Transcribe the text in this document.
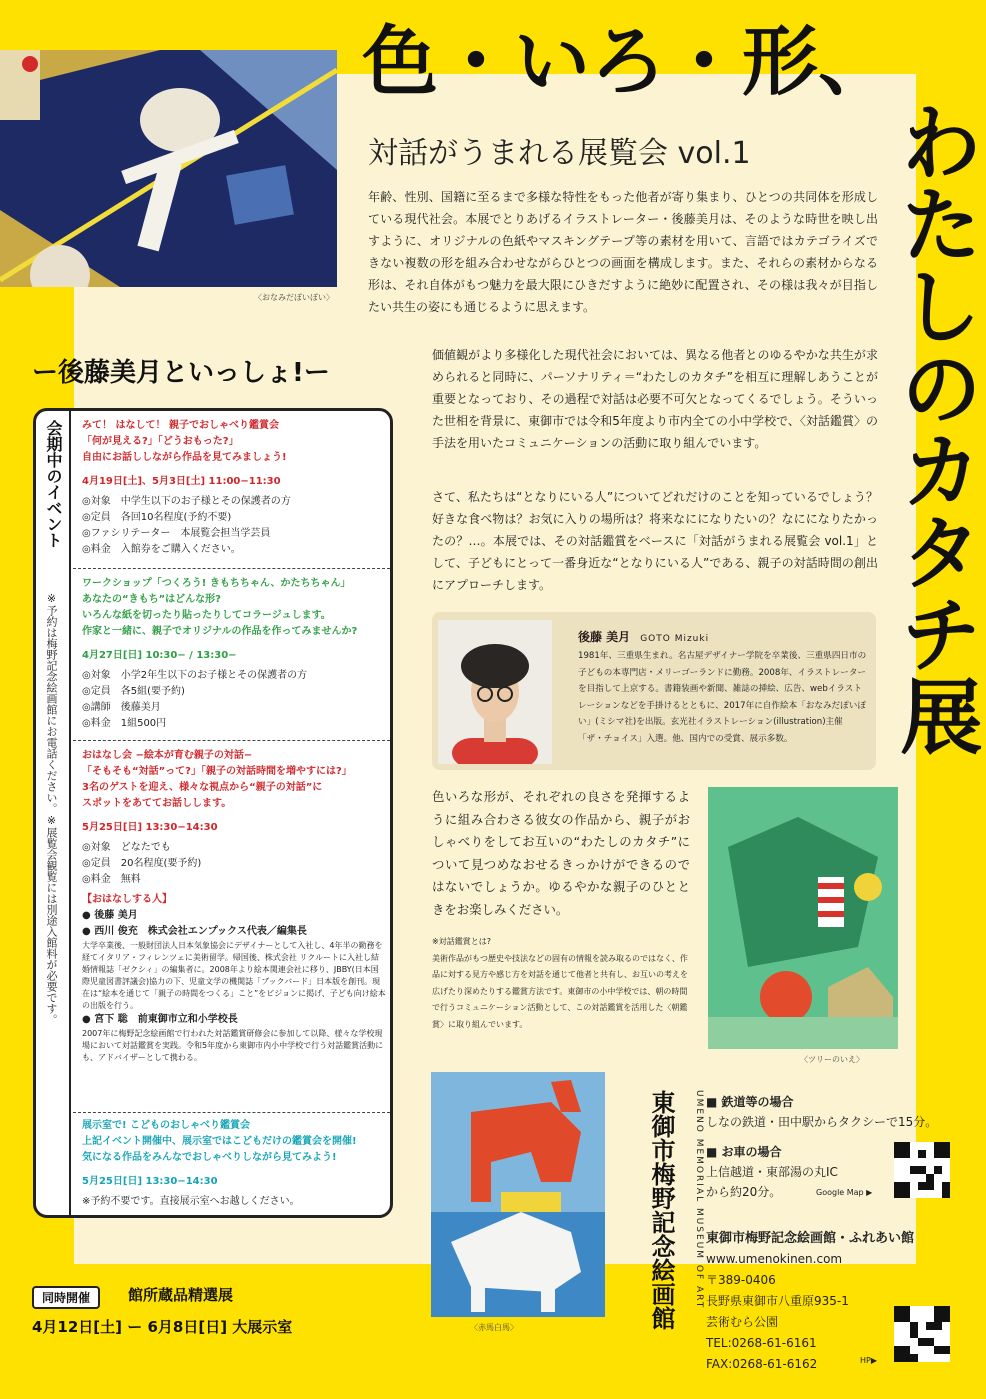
〈おなみだぽいぽい〉
色・いろ・形、
わたしのカタチ展
対話がうまれる展覧会 vol.1
年齢、性別、国籍に至るまで多様な特性をもった他者が寄り集まり、ひとつの共同体を形成している現代社会。本展でとりあげるイラストレーター・後藤美月は、そのような時世を映し出すように、オリジナルの色紙やマスキングテープ等の素材を用いて、言語ではカテゴライズできない複数の形を組み合わせながらひとつの画面を構成します。また、それらの素材からなる形は、それ自体がもつ魅力を最大限にひきだすように絶妙に配置され、その様は我々が目指したい共生の姿にも通じるように思えます。
価値観がより多様化した現代社会においては、異なる他者とのゆるやかな共生が求められると同時に、パーソナリティ＝“わたしのカタチ”を相互に理解しあうことが重要となっており、その過程で対話は必要不可欠となってくるでしょう。そういった世相を背景に、東御市では令和5年度より市内全ての小中学校で、〈対話鑑賞〉の手法を用いたコミュニケーションの活動に取り組んでいます。
さて、私たちは“となりにいる人”についてどれだけのことを知っているでしょう？好きな食べ物は？お気に入りの場所は？将来なにになりたいの？なにになりたかったの？…。本展では、その対話鑑賞をベースに「対話がうまれる展覧会 vol.1」として、子どもにとって一番身近な“となりにいる人”である、親子の対話時間の創出にアプローチします。
ー後藤美月といっしょ!ー
会期中のイベント
※予約は梅野記念絵画館にお電話ください。※展覧会観覧には別途入館料が必要です。
みて！ はなして！ 親子でおしゃべり鑑賞会
「何が見える?」「どうおもった?」
自由にお話ししながら作品を見てみましょう!
4月19日[土]、5月3日[土] 11:00−11:30
◎対象　中学生以下のお子様とその保護者の方
◎定員　各回10名程度(予約不要)
◎ファシリテーター　本展覧会担当学芸員
◎料金　入館券をご購入ください。
ワークショップ「つくろう! きもちちゃん、かたちちゃん」
あなたの“きもち”はどんな形?
いろんな紙を切ったり貼ったりしてコラージュします。
作家と一緒に、親子でオリジナルの作品を作ってみませんか?
4月27日[日] 10:30− / 13:30−
◎対象　小学2年生以下のお子様とその保護者の方
◎定員　各5組(要予約)
◎講師　後藤美月
◎料金　1組500円
おはなし会 −絵本が育む親子の対話−
「そもそも“対話”って?」「親子の対話時間を増やすには?」
3名のゲストを迎え、様々な視点から“親子の対話”に
スポットをあててお話しします。
5月25日[日] 13:30−14:30
◎対象　どなたでも
◎定員　20名程度(要予約)
◎料金　無料
【おはなしする人】
● 後藤 美月
● 西川 俊充　株式会社エンプックス代表／編集長
大学卒業後、一般財団法人日本気象協会にデザイナーとして入社し、4年半の勤務を経てイタリア・フィレンツェに美術留学。帰国後、株式会社 リクルートに入社し結婚情報誌「ゼクシィ」の編集者に。2008年より絵本関連会社に移り、JBBY(日本国際児童図書評議会)協力の下、児童文学の機関誌「ブックバード」日本版を創刊。現在は“絵本を通じて「親子の時間をつくる」こと”をビジョンに掲げ、子ども向け絵本の出版を行う。
● 宮下 聡　前東御市立和小学校長
2007年に梅野記念絵画館で行われた対話鑑賞研修会に参加して以降、様々な学校現場において対話鑑賞を実践。令和5年度から東御市内小中学校で行う対話鑑賞活動にも、アドバイザーとして携わる。
展示室で! こどものおしゃべり鑑賞会
上記イベント開催中、展示室ではこどもだけの鑑賞会を開催!
気になる作品をみんなでおしゃべりしながら見てみよう!
5月25日[日] 13:30−14:30
※予約不要です。直接展示室へお越しください。
後藤 美月 GOTO Mizuki
1981年、三重県生まれ。名古屋デザイナー学院を卒業後、三重県四日市の子どもの本専門店・メリーゴーランドに勤務。2008年、イラストレーターを目指して上京する。書籍装画や新聞、雑誌の挿絵、広告、webイラストレーションなどを手掛けるとともに、2017年に自作絵本「おなみだぽいぽい」(ミシマ社)を出版。玄光社イラストレーション(illustration)主催「ザ・チョイス」入選。他、国内での受賞、展示多数。
色いろな形が、それぞれの良さを発揮するように組み合わさる彼女の作品から、親子がおしゃべりをしてお互いの“わたしのカタチ”について見つめなおせるきっかけができるのではないでしょうか。ゆるやかな親子のひとときをお楽しみください。
※対話鑑賞とは?
美術作品がもつ歴史や技法などの固有の情報を読み取るのではなく、作品に対する見方や感じ方を対話を通じて他者と共有し、お互いの考えを広げたり深めたりする鑑賞方法です。東御市の小中学校では、朝の時間で行うコミュニケーション活動として、この対話鑑賞を活用した〈朝鑑賞〉に取り組んでいます。
〈ツリーのいえ〉
〈赤馬白馬〉	東御市梅野記念絵画館	UMENO MEMORIAL MUSEUM OF ART ■ 鉄道等の場合
しなの鉄道・田中駅からタクシーで15分。
■ お車の場合
上信越道・東部湯の丸IC
から約20分。	Google Map ▶
東御市梅野記念絵画館・ふれあい館
www.umenokinen.com
〒389-0406
長野県東御市八重原935-1
芸術むら公園
TEL:0268-61-6161
FAX:0268-61-6162	HP▶
同時開催	館所蔵品精選展
4月12日[土] ー 6月8日[日] 大展示室
